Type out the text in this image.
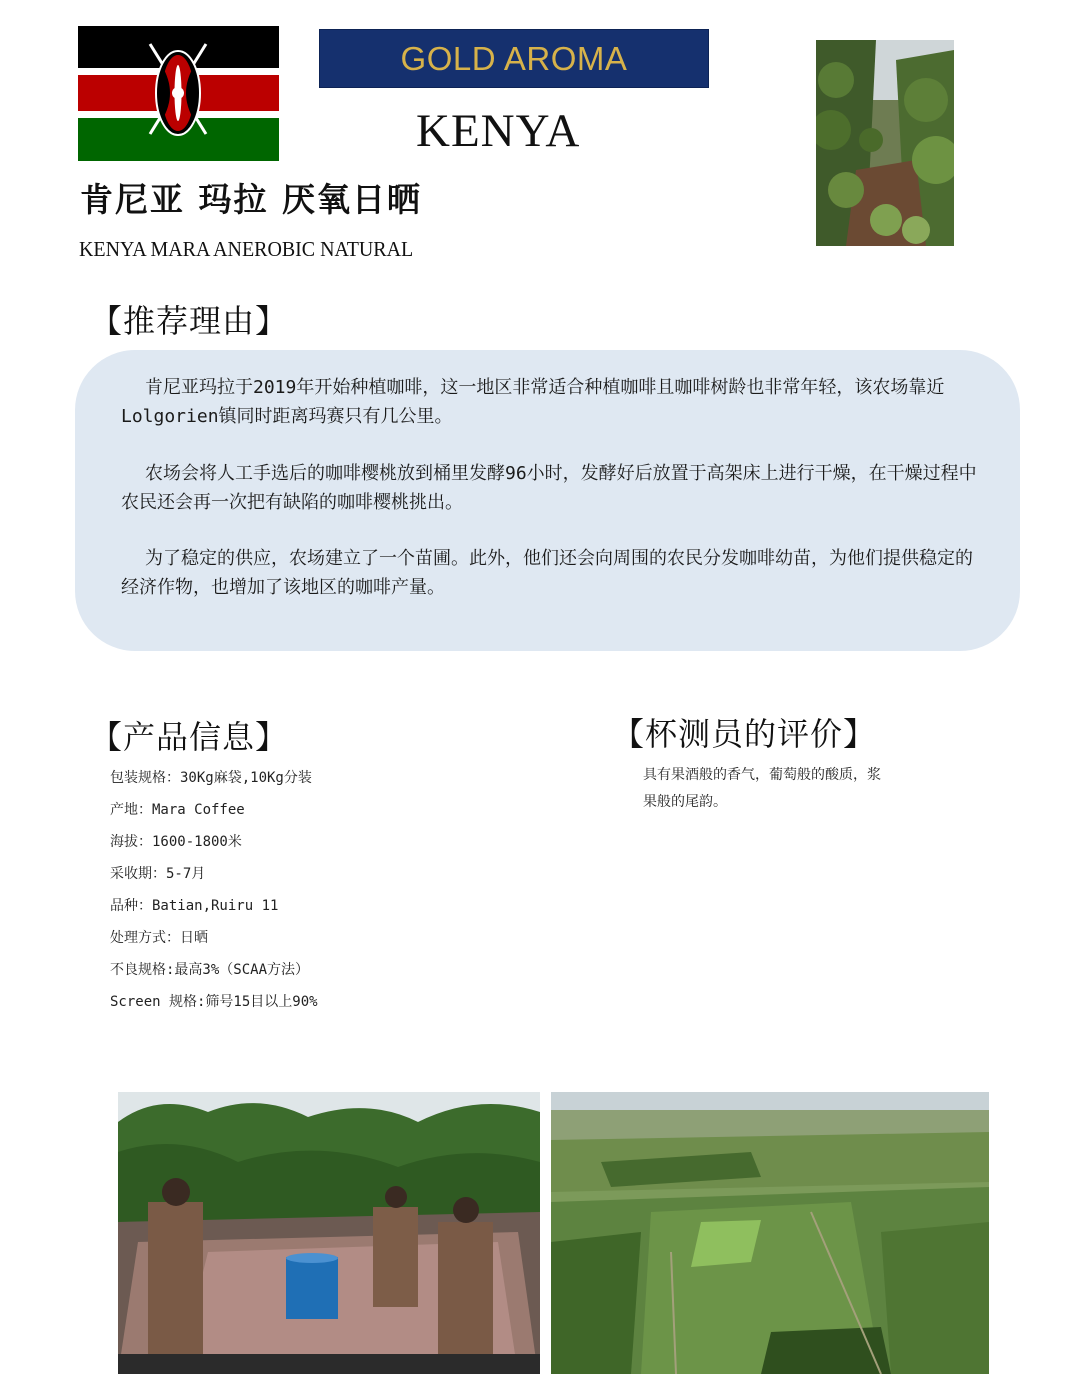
GOLD AROMA
KENYA
肯尼亚 玛拉 厌氧日晒
KENYA MARA ANEROBIC NATURAL
【推荐理由】
肯尼亚玛拉于2019年开始种植咖啡，这一地区非常适合种植咖啡且咖啡树龄也非常年轻，该农场靠近Lolgorien镇同时距离玛赛只有几公里。
农场会将人工手选后的咖啡樱桃放到桶里发酵96小时，发酵好后放置于高架床上进行干燥，在干燥过程中农民还会再一次把有缺陷的咖啡樱桃挑出。
为了稳定的供应，农场建立了一个苗圃。此外，他们还会向周围的农民分发咖啡幼苗，为他们提供稳定的经济作物，也增加了该地区的咖啡产量。
【产品信息】
包装规格：30Kg麻袋,10Kg分装
产地：Mara Coffee
海拔：1600-1800米
采收期：5-7月
品种：Batian,Ruiru 11
处理方式：日晒
不良规格:最高3%（SCAA方法）
Screen 规格:筛号15目以上90%
【杯测员的评价】
具有果酒般的香气，葡萄般的酸质，浆果般的尾韵。
